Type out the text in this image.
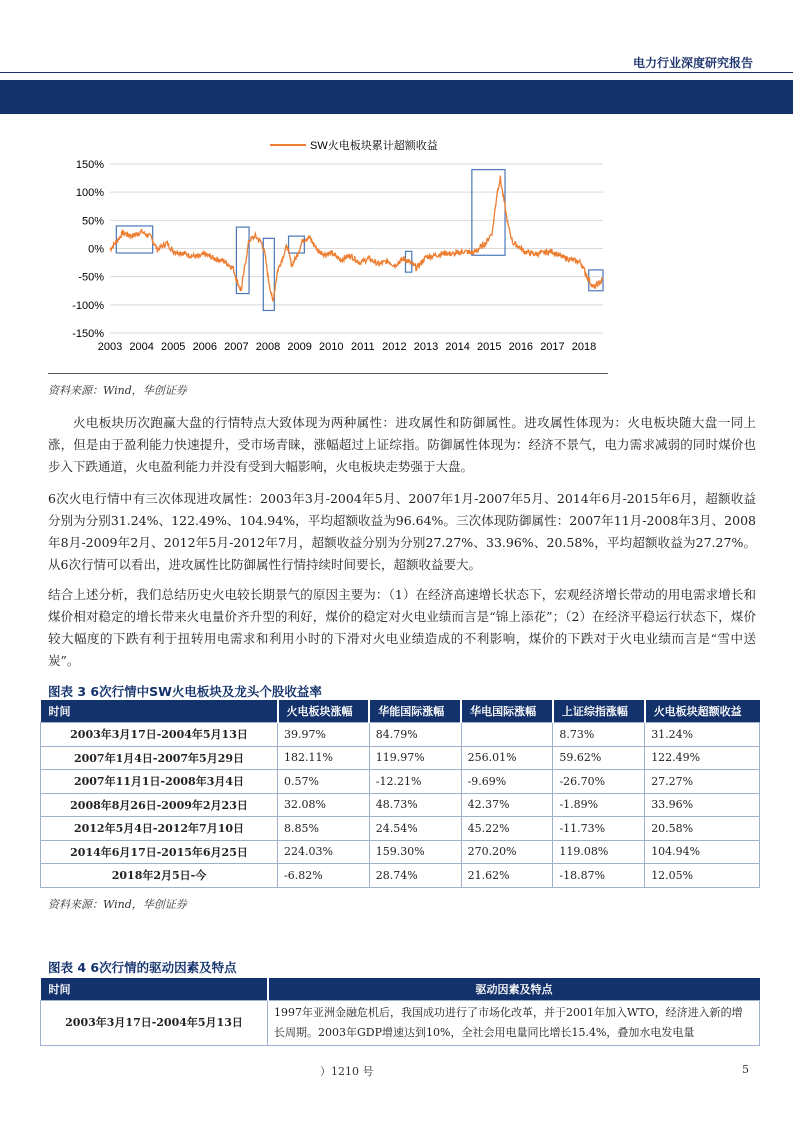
电力行业深度研究报告
150%
100%
50%
0%
-50%
-100%
-150%
2003 2004 2005 2006 2007 2008 2009 2010 2011 2012 2013 2014 2015 2016 2017 2018
SW火电板块累计超额收益
资料来源：Wind，华创证券

火电板块历次跑赢大盘的行情特点大致体现为两种属性：进攻属性和防御属性。进攻属性体现为：火电板块随大盘一同上涨，但是由于盈利能力快速提升，受市场青睐，涨幅超过上证综指。防御属性体现为：经济不景气，电力需求减弱的同时煤价也步入下跌通道，火电盈利能力并没有受到大幅影响，火电板块走势强于大盘。

6次火电行情中有三次体现进攻属性：2003年3月-2004年5月、2007年1月-2007年5月、2014年6月-2015年6月，超额收益分别为分别31.24%、122.49%、104.94%，平均超额收益为96.64%。三次体现防御属性：2007年11月-2008年3月、2008年8月-2009年2月、2012年5月-2012年7月，超额收益分别为分别27.27%、33.96%、20.58%，平均超额收益为27.27%。从6次行情可以看出，进攻属性比防御属性行情持续时间要长，超额收益要大。

结合上述分析，我们总结历史火电较长期景气的原因主要为：（1）在经济高速增长状态下，宏观经济增长带动的用电需求增长和煤价相对稳定的增长带来火电量价齐升型的利好，煤价的稳定对火电业绩而言是“锦上添花”；（2）在经济平稳运行状态下，煤价较大幅度的下跌有利于扭转用电需求和利用小时的下滑对火电业绩造成的不利影响，煤价的下跌对于火电业绩而言是“雪中送炭”。

图表 3 6次行情中SW火电板块及龙头个股收益率
时间	火电板块涨幅	华能国际涨幅	华电国际涨幅	上证综指涨幅	火电板块超额收益
2003年3月17日-2004年5月13日	39.97%	84.79%		8.73%	31.24%
2007年1月4日-2007年5月29日	182.11%	119.97%	256.01%	59.62%	122.49%
2007年11月1日-2008年3月4日	0.57%	-12.21%	-9.69%	-26.70%	27.27%
2008年8月26日-2009年2月23日	32.08%	48.73%	42.37%	-1.89%	33.96%
2012年5月4日-2012年7月10日	8.85%	24.54%	45.22%	-11.73%	20.58%
2014年6月17日-2015年6月25日	224.03%	159.30%	270.20%	119.08%	104.94%
2018年2月5日-今	-6.82%	28.74%	21.62%	-18.87%	12.05%
资料来源：Wind，华创证券
图表 4 6次行情的驱动因素及特点
时间	驱动因素及特点
2003年3月17日-2004年5月13日	1997年亚洲金融危机后，我国成功进行了市场化改革，并于2001年加入WTO，经济进入新的增长周期。2003年GDP增速达到10%，全社会用电量同比增长15.4%，叠加水电发电量
）1210 号	5
